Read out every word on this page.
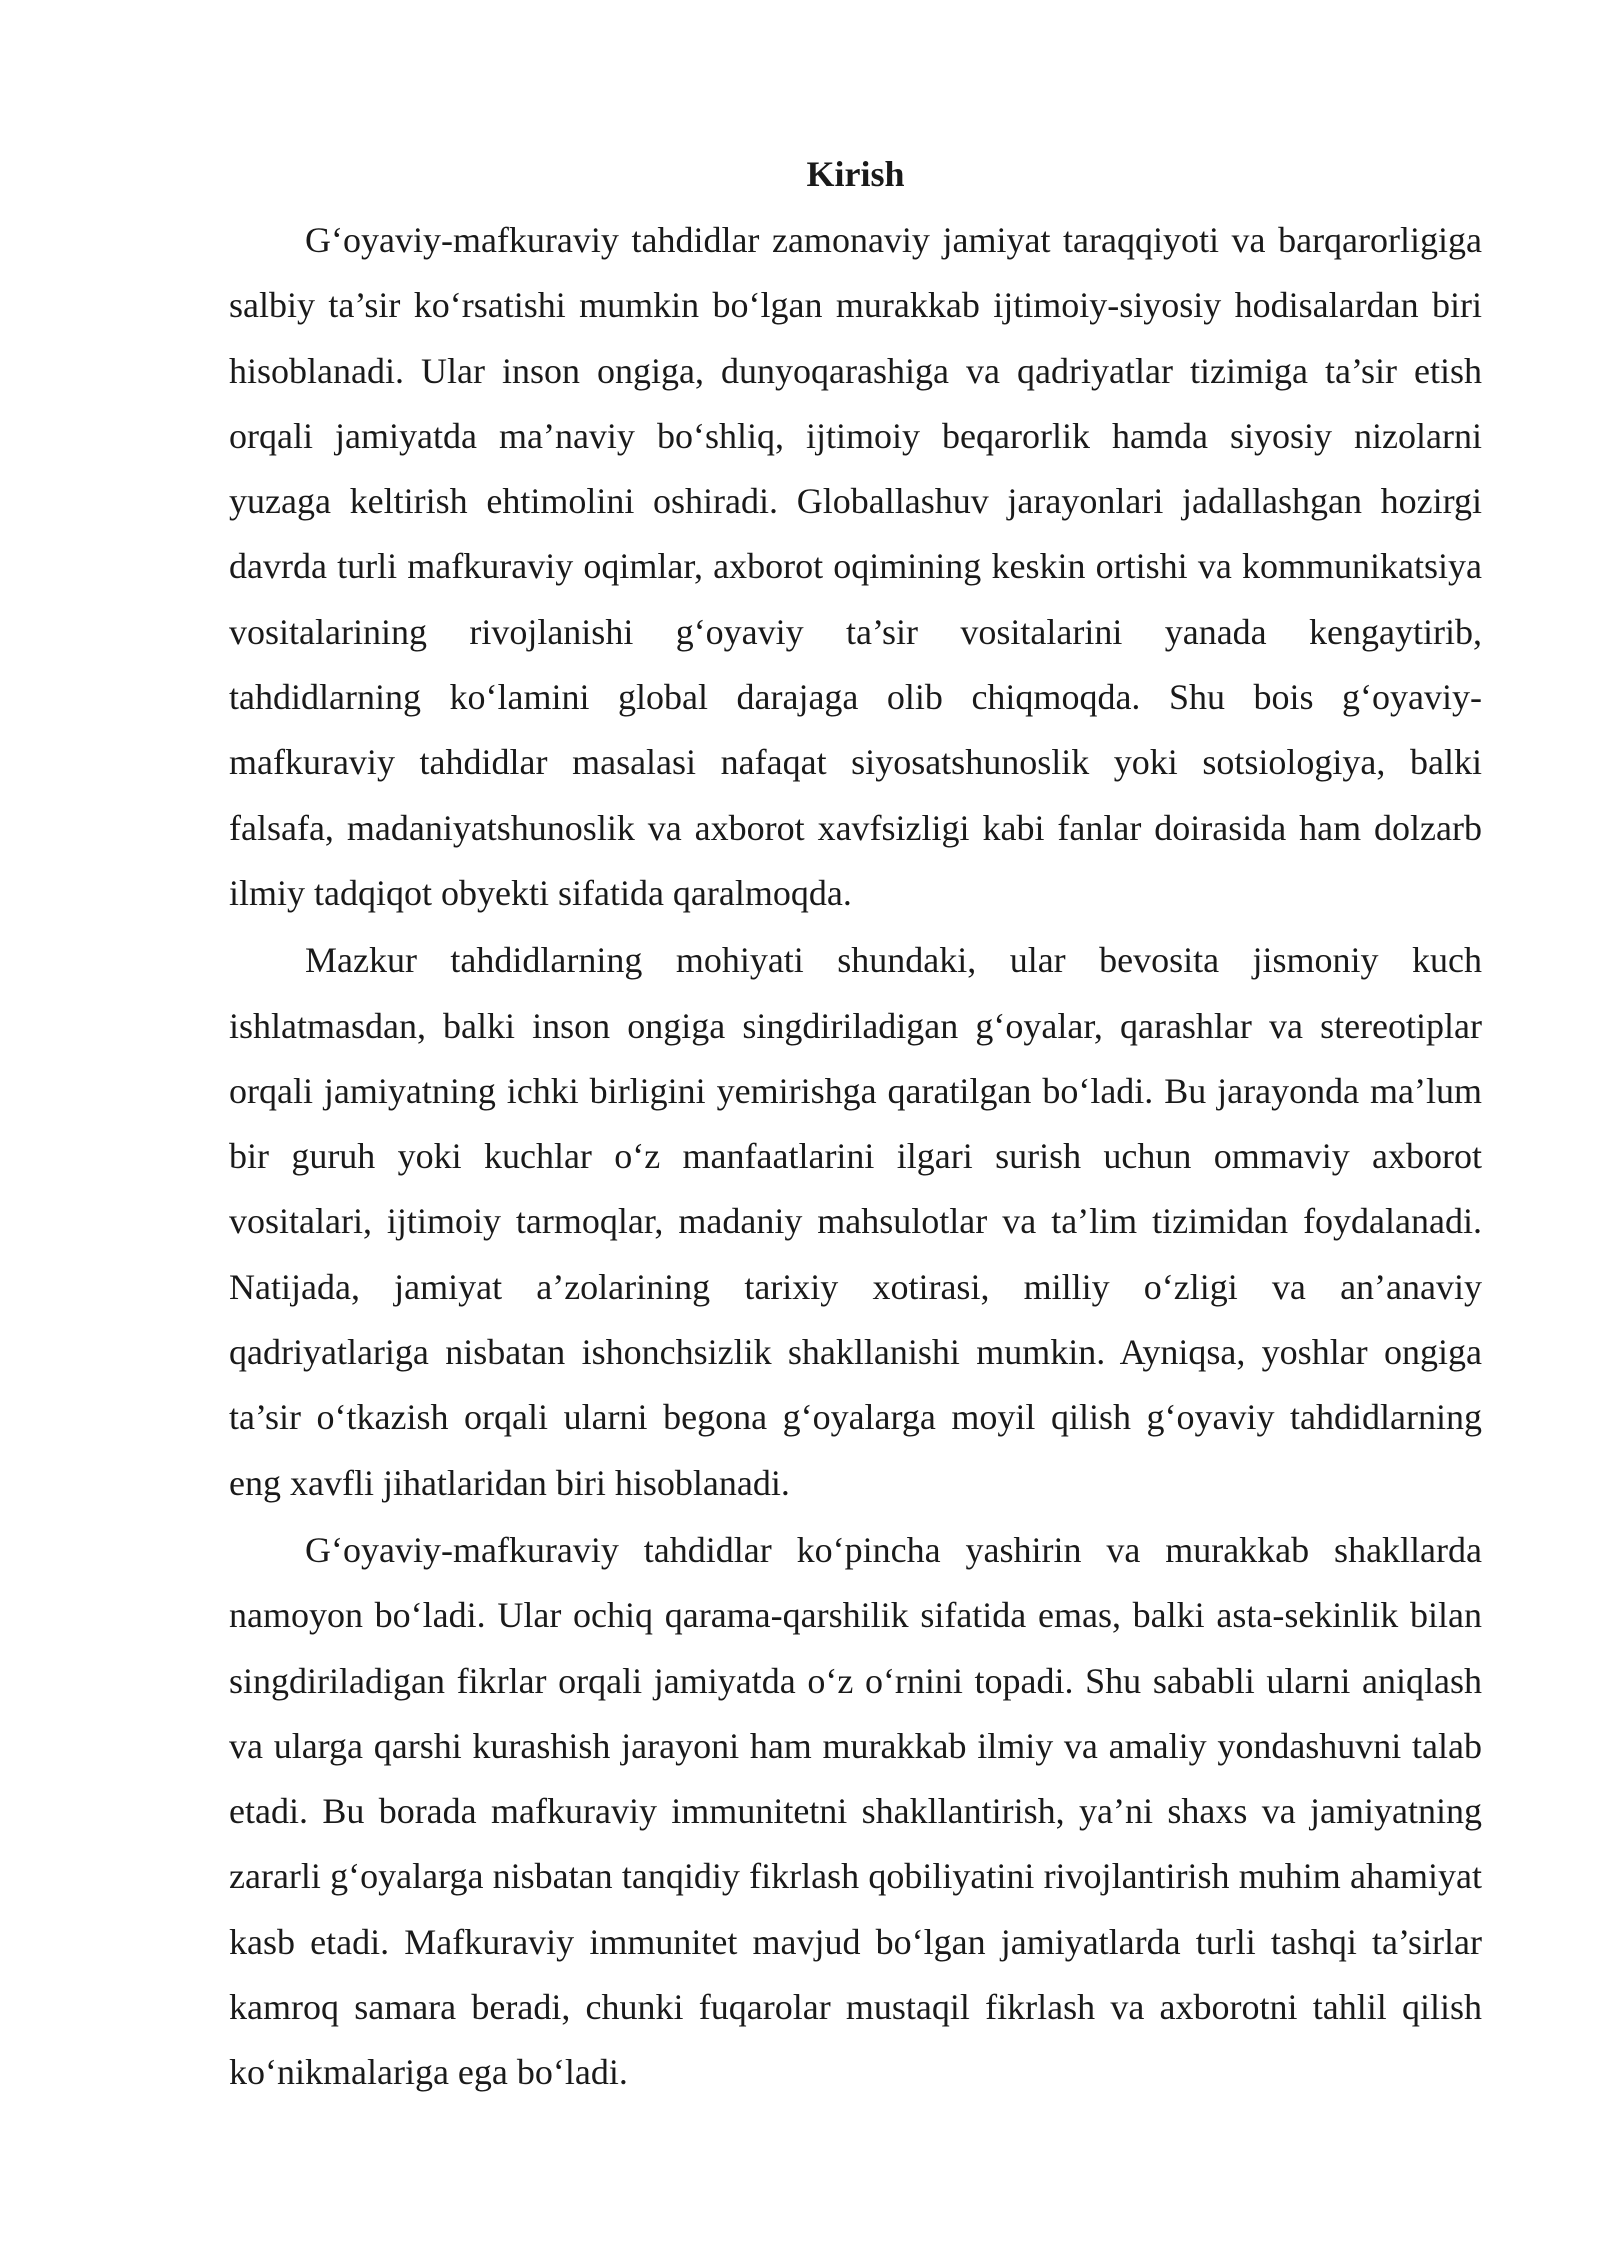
Kirish

G‘oyaviy-mafkuraviy tahdidlar zamonaviy jamiyat taraqqiyoti va barqarorligiga salbiy ta’sir ko‘rsatishi mumkin bo‘lgan murakkab ijtimoiy-siyosiy hodisalardan biri hisoblanadi. Ular inson ongiga, dunyoqarashiga va qadriyatlar tizimiga ta’sir etish orqali jamiyatda ma’naviy bo‘shliq, ijtimoiy beqarorlik hamda siyosiy nizolarni yuzaga keltirish ehtimolini oshiradi. Globallashuv jarayonlari jadallashgan hozirgi davrda turli mafkuraviy oqimlar, axborot oqimining keskin ortishi va kommunikatsiya vositalarining rivojlanishi g‘oyaviy ta’sir vositalarini yanada kengaytirib, tahdidlarning ko‘lamini global darajaga olib chiqmoqda. Shu bois g‘oyaviy-mafkuraviy tahdidlar masalasi nafaqat siyosatshunoslik yoki sotsiologiya, balki falsafa, madaniyatshunoslik va axborot xavfsizligi kabi fanlar doirasida ham dolzarb ilmiy tadqiqot obyekti sifatida qaralmoqda.

Mazkur tahdidlarning mohiyati shundaki, ular bevosita jismoniy kuch ishlatmasdan, balki inson ongiga singdiriladigan g‘oyalar, qarashlar va stereotiplar orqali jamiyatning ichki birligini yemirishga qaratilgan bo‘ladi. Bu jarayonda ma’lum bir guruh yoki kuchlar o‘z manfaatlarini ilgari surish uchun ommaviy axborot vositalari, ijtimoiy tarmoqlar, madaniy mahsulotlar va ta’lim tizimidan foydalanadi. Natijada, jamiyat a’zolarining tarixiy xotirasi, milliy o‘zligi va an’anaviy qadriyatlariga nisbatan ishonchsizlik shakllanishi mumkin. Ayniqsa, yoshlar ongiga ta’sir o‘tkazish orqali ularni begona g‘oyalarga moyil qilish g‘oyaviy tahdidlarning eng xavfli jihatlaridan biri hisoblanadi.

G‘oyaviy-mafkuraviy tahdidlar ko‘pincha yashirin va murakkab shakllarda namoyon bo‘ladi. Ular ochiq qarama-qarshilik sifatida emas, balki asta-sekinlik bilan singdiriladigan fikrlar orqali jamiyatda o‘z o‘rnini topadi. Shu sababli ularni aniqlash va ularga qarshi kurashish jarayoni ham murakkab ilmiy va amaliy yondashuvni talab etadi. Bu borada mafkuraviy immunitetni shakllantirish, ya’ni shaxs va jamiyatning zararli g‘oyalarga nisbatan tanqidiy fikrlash qobiliyatini rivojlantirish muhim ahamiyat kasb etadi. Mafkuraviy immunitet mavjud bo‘lgan jamiyatlarda turli tashqi ta’sirlar kamroq samara beradi, chunki fuqarolar mustaqil fikrlash va axborotni tahlil qilish ko‘nikmalariga ega bo‘ladi.
